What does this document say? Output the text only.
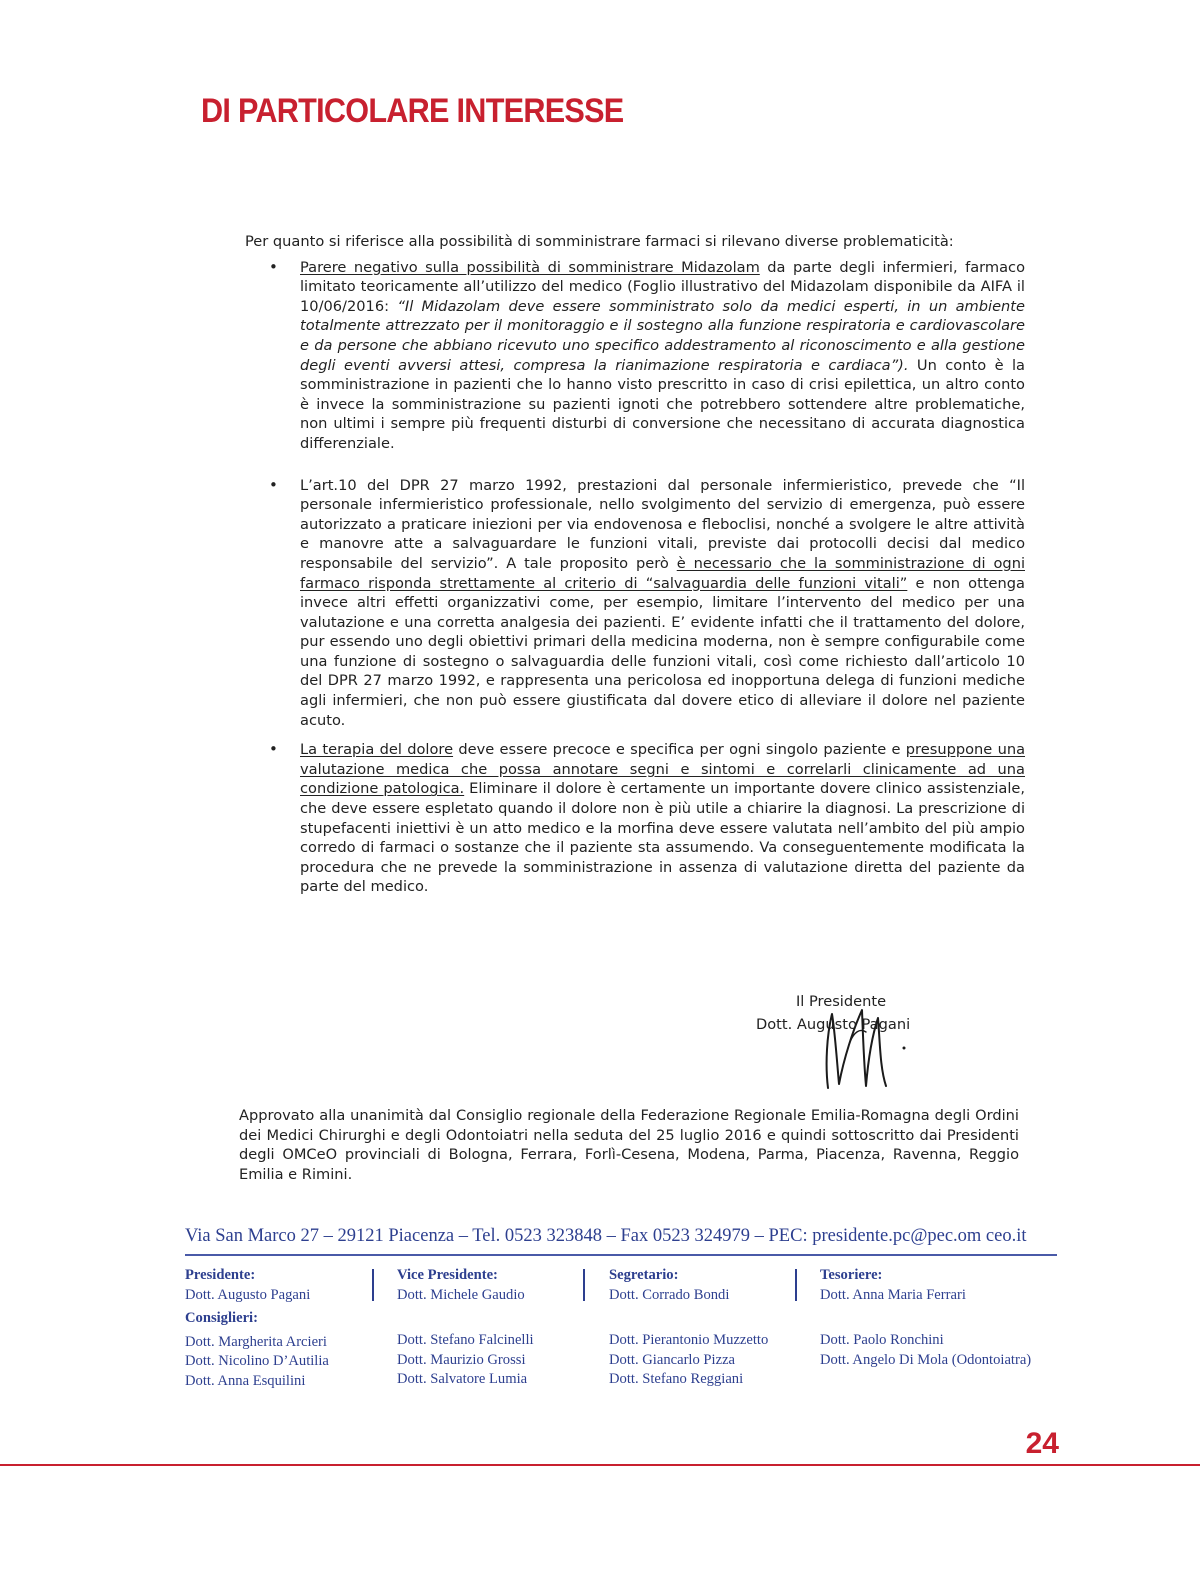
DI PARTICOLARE INTERESSE

Per quanto si riferisce alla possibilità di somministrare farmaci si rilevano diverse problematicità:

• Parere negativo sulla possibilità di somministrare Midazolam da parte degli infermieri, farmaco limitato teoricamente all’utilizzo del medico (Foglio illustrativo del Midazolam disponibile da AIFA il 10/06/2016: “Il Midazolam deve essere somministrato solo da medici esperti, in un ambiente totalmente attrezzato per il monitoraggio e il sostegno alla funzione respiratoria e cardiovascolare e da persone che abbiano ricevuto uno specifico addestramento al riconoscimento e alla gestione degli eventi avversi attesi, compresa la rianimazione respiratoria e cardiaca”). Un conto è la somministrazione in pazienti che lo hanno visto prescritto in caso di crisi epilettica, un altro conto è invece la somministrazione su pazienti ignoti che potrebbero sottendere altre problematiche, non ultimi i sempre più frequenti disturbi di conversione che necessitano di accurata diagnostica differenziale.
• L’art.10 del DPR 27 marzo 1992, prestazioni dal personale infermieristico, prevede che “Il personale infermieristico professionale, nello svolgimento del servizio di emergenza, può essere autorizzato a praticare iniezioni per via endovenosa e fleboclisi, nonché a svolgere le altre attività e manovre atte a salvaguardare le funzioni vitali, previste dai protocolli decisi dal medico responsabile del servizio”. A tale proposito però è necessario che la somministrazione di ogni farmaco risponda strettamente al criterio di “salvaguardia delle funzioni vitali” e non ottenga invece altri effetti organizzativi come, per esempio, limitare l’intervento del medico per una valutazione e una corretta analgesia dei pazienti. E’ evidente infatti che il trattamento del dolore, pur essendo uno degli obiettivi primari della medicina moderna, non è sempre configurabile come una funzione di sostegno o salvaguardia delle funzioni vitali, così come richiesto dall’articolo 10 del DPR 27 marzo 1992, e rappresenta una pericolosa ed inopportuna delega di funzioni mediche agli infermieri, che non può essere giustificata dal dovere etico di alleviare il dolore nel paziente acuto.
• La terapia del dolore deve essere precoce e specifica per ogni singolo paziente e presuppone una valutazione medica che possa annotare segni e sintomi e correlarli clinicamente ad una condizione patologica. Eliminare il dolore è certamente un importante dovere clinico assistenziale, che deve essere espletato quando il dolore non è più utile a chiarire la diagnosi. La prescrizione di stupefacenti iniettivi è un atto medico e la morfina deve essere valutata nell’ambito del più ampio corredo di farmaci o sostanze che il paziente sta assumendo. Va conseguentemente modificata la procedura che ne prevede la somministrazione in assenza di valutazione diretta del paziente da parte del medico.
Il Presidente
Dott. Augusto Pagani
Approvato alla unanimità dal Consiglio regionale della Federazione Regionale Emilia-Romagna degli Ordini dei Medici Chirurghi e degli Odontoiatri nella seduta del 25 luglio 2016 e quindi sottoscritto dai Presidenti degli OMCeO provinciali di Bologna, Ferrara, Forlì-Cesena, Modena, Parma, Piacenza, Ravenna, Reggio Emilia e Rimini.
Via San Marco 27 – 29121 Piacenza – Tel. 0523 323848 – Fax 0523 324979 – PEC: presidente.pc@pec.om ceo.it
Presidente:
Dott. Augusto Pagani
Consiglieri:
Dott. Margherita Arcieri
Dott. Nicolino D’Autilia
Dott. Anna Esquilini
Vice Presidente:
Dott. Michele Gaudio
Dott. Stefano Falcinelli
Dott. Maurizio Grossi
Dott. Salvatore Lumia
Segretario:
Dott. Corrado Bondi
Dott. Pierantonio Muzzetto
Dott. Giancarlo Pizza
Dott. Stefano Reggiani
Tesoriere:
Dott. Anna Maria Ferrari
Dott. Paolo Ronchini
Dott. Angelo Di Mola (Odontoiatra)
24
